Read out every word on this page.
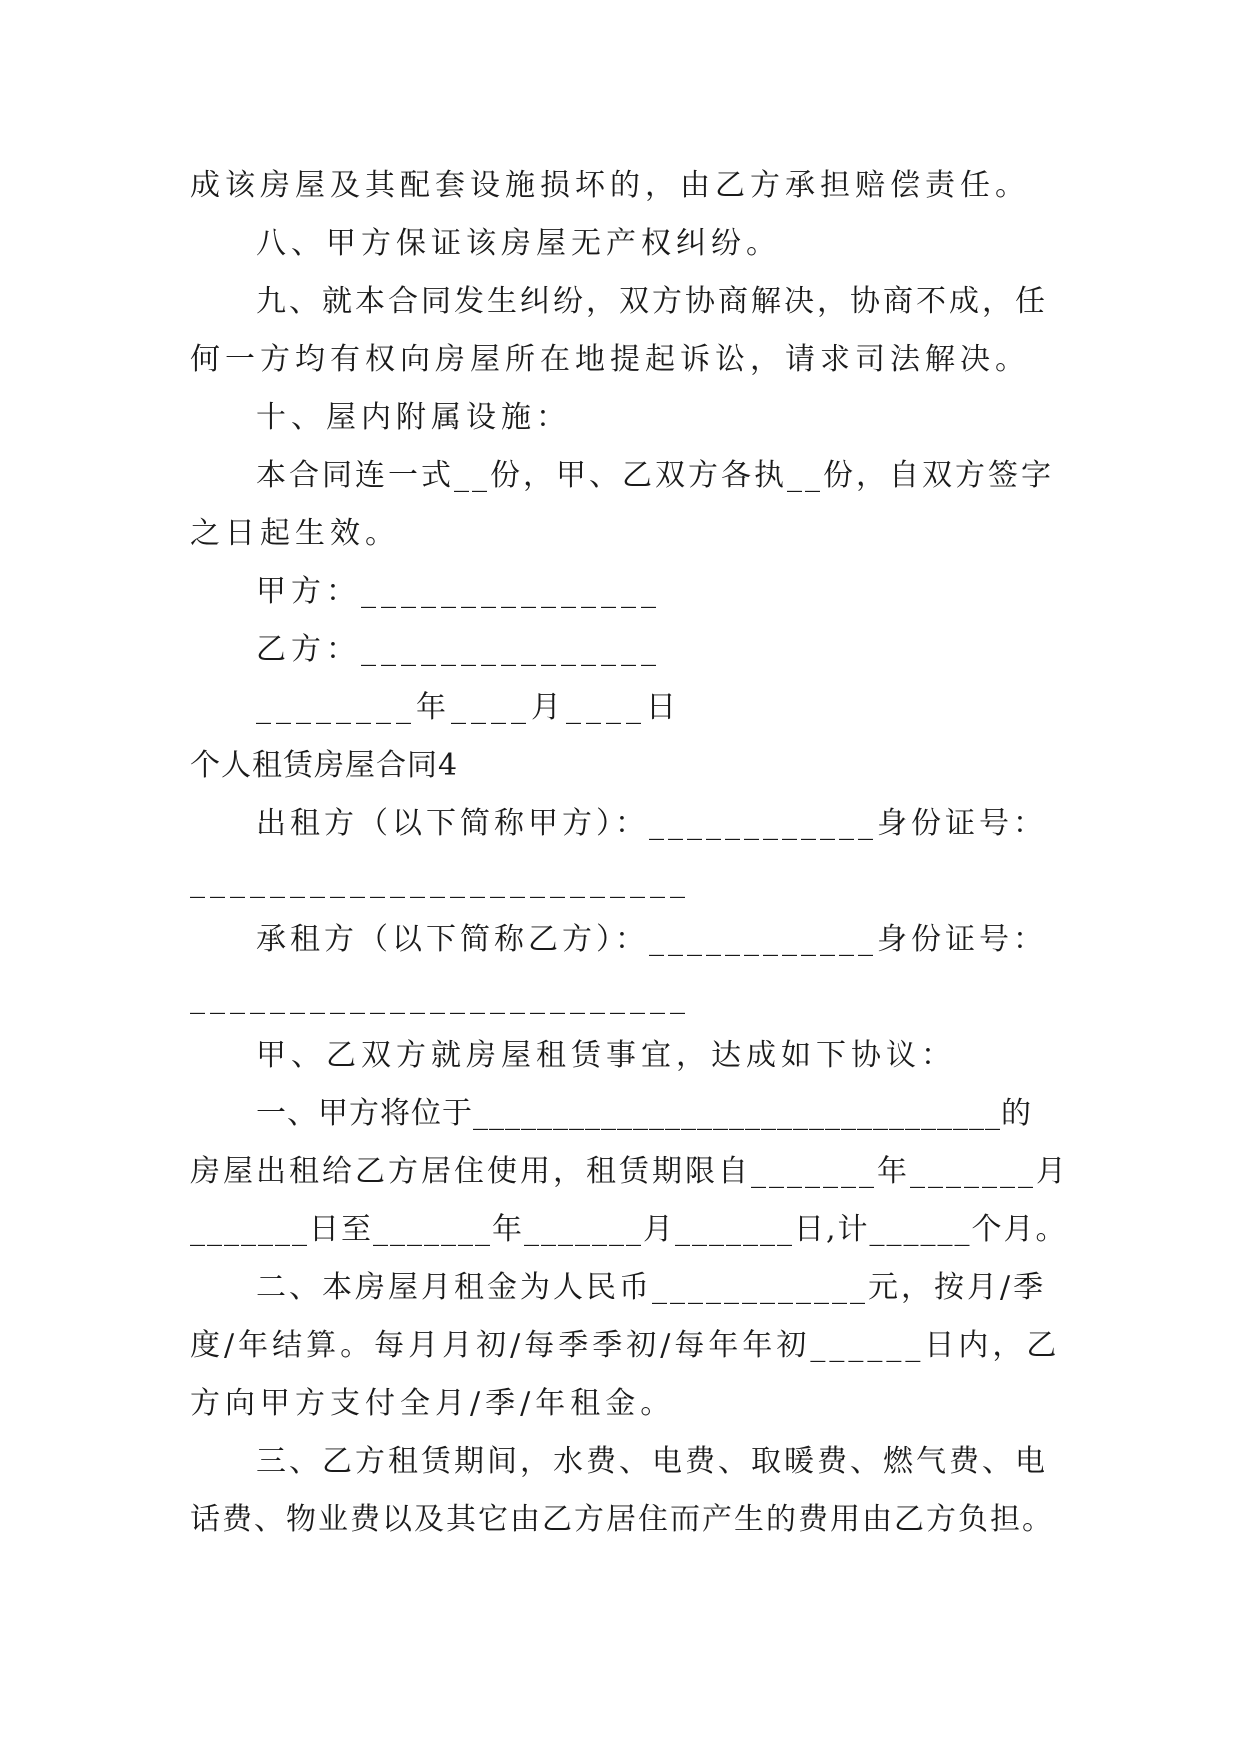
成该房屋及其配套设施损坏的，由乙方承担赔偿责任。
八、甲方保证该房屋无产权纠纷。
九、就本合同发生纠纷，双方协商解决，协商不成，任
何一方均有权向房屋所在地提起诉讼，请求司法解决。
十、屋内附属设施：
本合同连一式__份，甲、乙双方各执__份，自双方签字
之日起生效。
甲方：_______________
乙方：_______________
________年____月____日
个人租赁房屋合同4
出租方（以下简称甲方）：____________身份证号：
_________________________
承租方（以下简称乙方）：____________身份证号：
_________________________
甲、乙双方就房屋租赁事宜，达成如下协议：
一、甲方将位于_________________________________的
房屋出租给乙方居住使用，租赁期限自_______年_______月
_______日至_______年_______月_______日,计______个月。
二、本房屋月租金为人民币____________元，按月/季
度/年结算。每月月初/每季季初/每年年初______日内，乙
方向甲方支付全月/季/年租金。
三、乙方租赁期间，水费、电费、取暖费、燃气费、电
话费、物业费以及其它由乙方居住而产生的费用由乙方负担。
